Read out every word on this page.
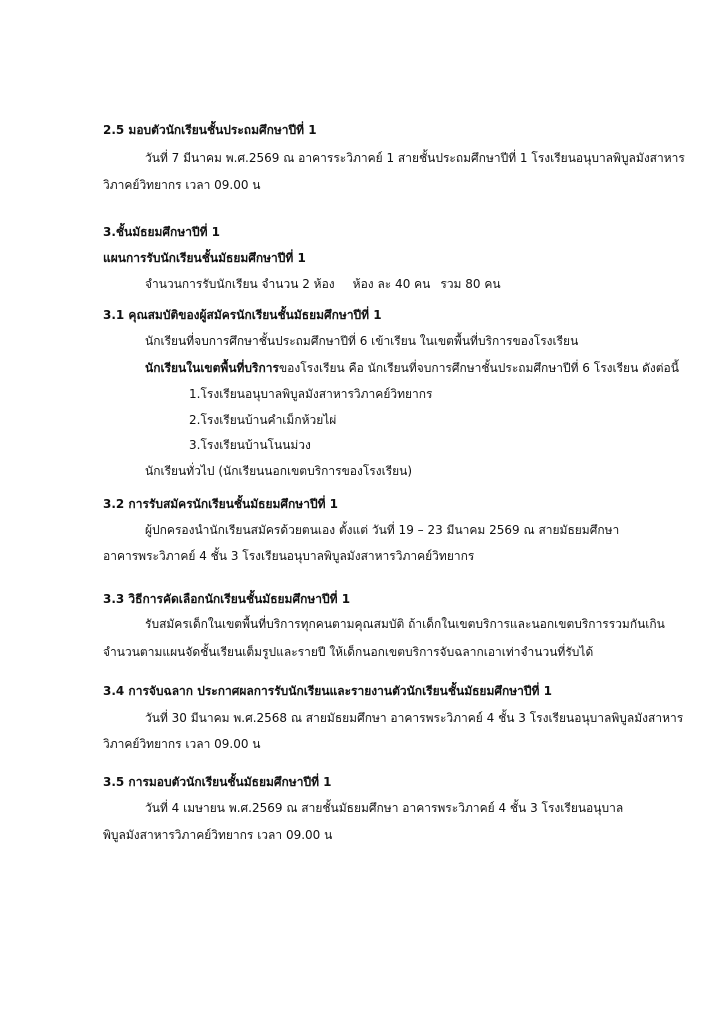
2.5 มอบตัวนักเรียนชั้นประถมศึกษาปีที่ 1
วันที่ 7 มีนาคม พ.ศ.2569 ณ อาคารระวิภาคย์ 1 สายชั้นประถมศึกษาปีที่ 1 โรงเรียนอนุบาลพิบูลมังสาหาร
วิภาคย์วิทยากร เวลา 09.00 น
3.ชั้นมัธยมศึกษาปีที่ 1
แผนการรับนักเรียนชั้นมัธยมศึกษาปีที่ 1
จำนวนการรับนักเรียน จำนวน 2 ห้อง ห้อง ละ 40 คน รวม 80 คน
3.1 คุณสมบัติของผู้สมัครนักเรียนชั้นมัธยมศึกษาปีที่ 1
นักเรียนที่จบการศึกษาชั้นประถมศึกษาปีที่ 6 เข้าเรียน ในเขตพื้นที่บริการของโรงเรียน
นักเรียนในเขตพื้นที่บริการของโรงเรียน คือ นักเรียนที่จบการศึกษาชั้นประถมศึกษาปีที่ 6 โรงเรียน ดังต่อนี้
1.โรงเรียนอนุบาลพิบูลมังสาหารวิภาคย์วิทยากร
2.โรงเรียนบ้านคำเม็กห้วยไผ่
3.โรงเรียนบ้านโนนม่วง
นักเรียนทั่วไป (นักเรียนนอกเขตบริการของโรงเรียน)
3.2 การรับสมัครนักเรียนชั้นมัธยมศึกษาปีที่ 1
ผู้ปกครองนำนักเรียนสมัครด้วยตนเอง ตั้งแต่ วันที่ 19 – 23 มีนาคม 2569 ณ สายมัธยมศึกษา
อาคารพระวิภาคย์ 4 ชั้น 3 โรงเรียนอนุบาลพิบูลมังสาหารวิภาคย์วิทยากร
3.3 วิธีการคัดเลือกนักเรียนชั้นมัธยมศึกษาปีที่ 1
รับสมัครเด็กในเขตพื้นที่บริการทุกคนตามคุณสมบัติ ถ้าเด็กในเขตบริการและนอกเขตบริการรวมกันเกิน
จำนวนตามแผนจัดชั้นเรียนเต็มรูปและรายปี ให้เด็กนอกเขตบริการจับฉลากเอาเท่าจำนวนที่รับได้
3.4 การจับฉลาก ประกาศผลการรับนักเรียนและรายงานตัวนักเรียนชั้นมัธยมศึกษาปีที่ 1
วันที่ 30 มีนาคม พ.ศ.2568 ณ สายมัธยมศึกษา อาคารพระวิภาคย์ 4 ชั้น 3 โรงเรียนอนุบาลพิบูลมังสาหาร
วิภาคย์วิทยากร เวลา 09.00 น
3.5 การมอบตัวนักเรียนชั้นมัธยมศึกษาปีที่ 1
วันที่ 4 เมษายน พ.ศ.2569 ณ สายชั้นมัธยมศึกษา อาคารพระวิภาคย์ 4 ชั้น 3 โรงเรียนอนุบาล
พิบูลมังสาหารวิภาคย์วิทยากร เวลา 09.00 น
